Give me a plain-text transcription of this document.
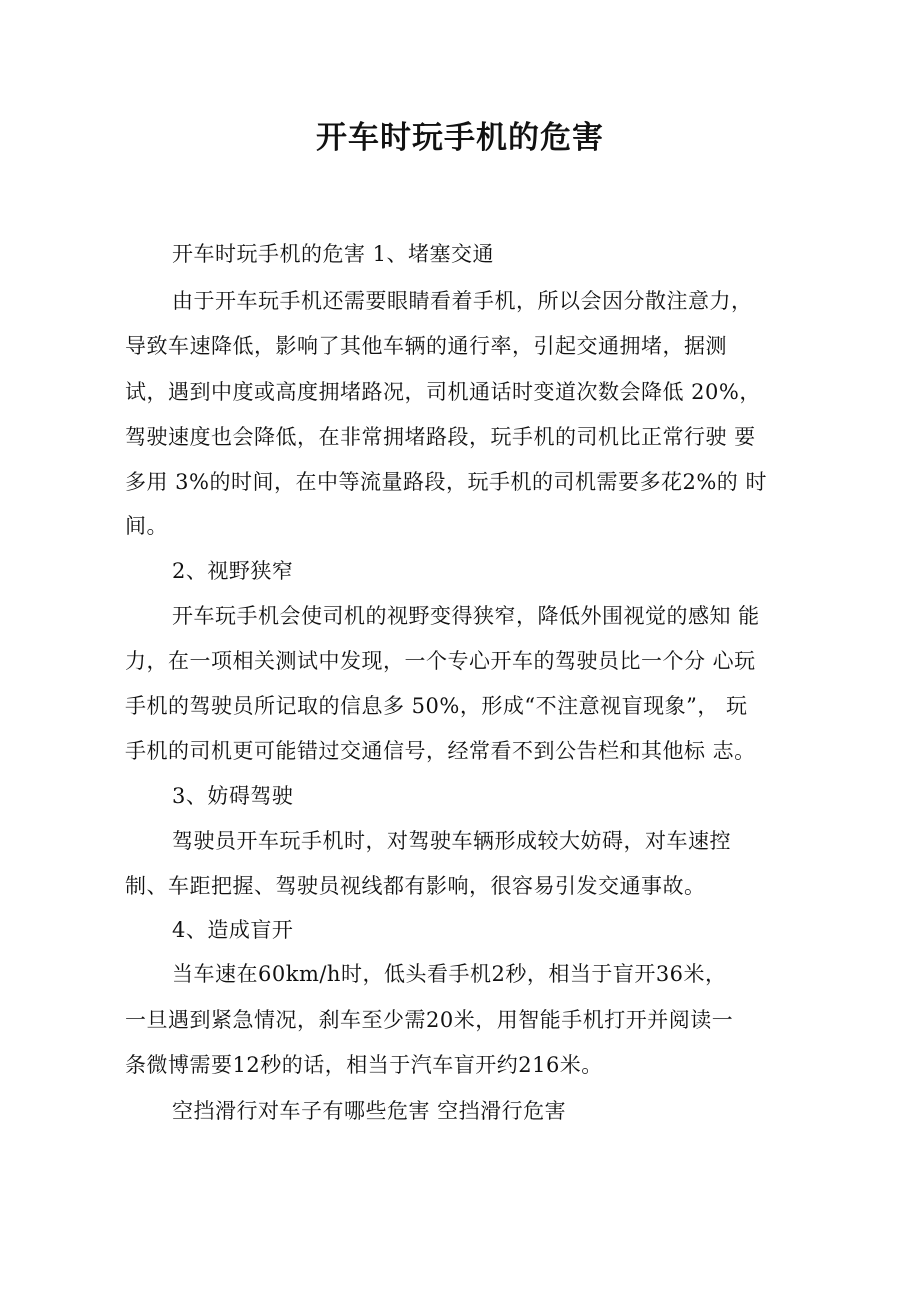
开车时玩手机的危害
开车时玩手机的危害 1、堵塞交通
由于开车玩手机还需要眼睛看着手机，所以会因分散注意力，
导致车速降低，影响了其他车辆的通行率，引起交通拥堵，据测
试，遇到中度或高度拥堵路况，司机通话时变道次数会降低 20%，
驾驶速度也会降低，在非常拥堵路段，玩手机的司机比正常行驶 要
多用 3%的时间，在中等流量路段，玩手机的司机需要多花2%的 时
间。
2、视野狭窄
开车玩手机会使司机的视野变得狭窄，降低外围视觉的感知 能
力，在一项相关测试中发现，一个专心开车的驾驶员比一个分 心玩
手机的驾驶员所记取的信息多 50%，形成“不注意视盲现象”， 玩
手机的司机更可能错过交通信号，经常看不到公告栏和其他标 志。
3、妨碍驾驶
驾驶员开车玩手机时，对驾驶车辆形成较大妨碍，对车速控
制、车距把握、驾驶员视线都有影响，很容易引发交通事故。
4、造成盲开
当车速在60km/h时，低头看手机2秒，相当于盲开36米，
一旦遇到紧急情况，刹车至少需20米，用智能手机打开并阅读一
条微博需要12秒的话，相当于汽车盲开约216米。
空挡滑行对车子有哪些危害 空挡滑行危害
